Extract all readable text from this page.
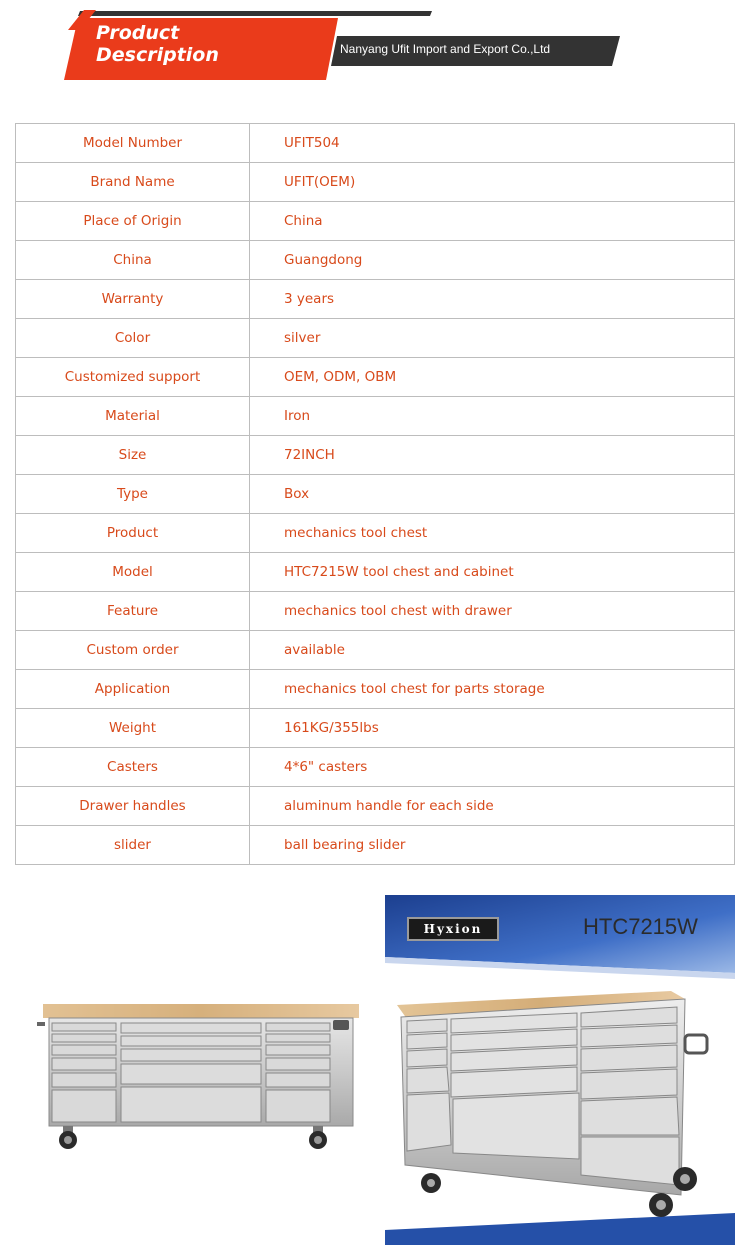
Product
Description	Nanyang Ufit Import and Export Co.,Ltd
Model Number	UFIT504
Brand Name	UFIT(OEM)
Place of Origin	China
China	Guangdong
Warranty	3 years
Color	silver
Customized support	OEM, ODM, OBM
Material	Iron
Size	72INCH
Type	Box
Product	mechanics tool chest
Model	HTC7215W tool chest and cabinet
Feature	mechanics tool chest with drawer
Custom order	available
Application	mechanics tool chest for parts storage
Weight	161KG/355lbs
Casters	4*6" casters
Drawer handles	aluminum handle for each side
slider	ball bearing slider
Hyxion	HTC7215W
